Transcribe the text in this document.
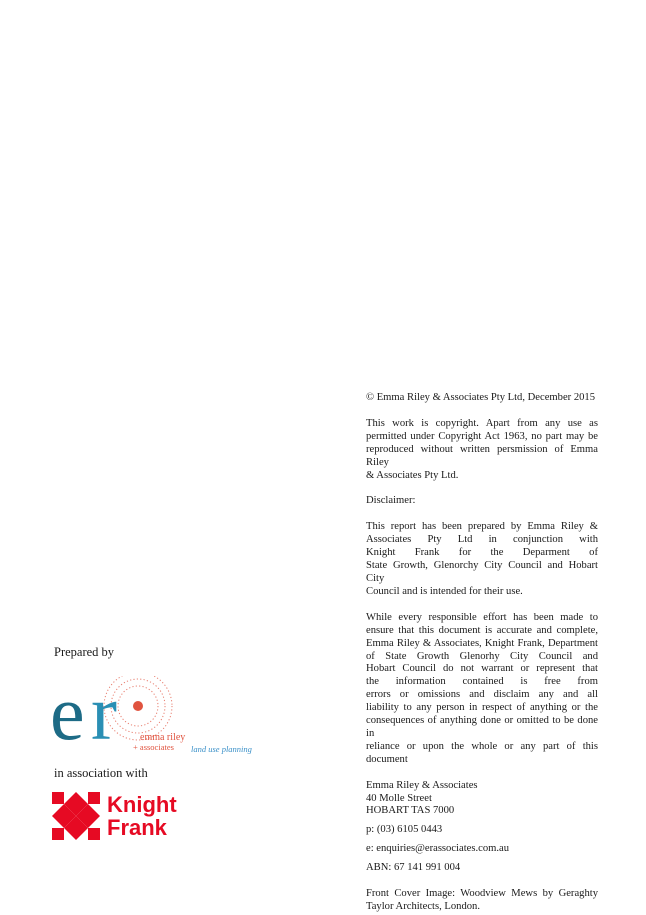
© Emma Riley & Associates Pty Ltd, December 2015

This work is copyright. Apart from any use as
permitted under Copyright Act 1963, no part may be
reproduced without written persmission of Emma Riley
& Associates Pty Ltd.

Disclaimer:

This report has been prepared by Emma Riley &
Associates Pty Ltd in conjunction with
Knight Frank for the Deparment of
State Growth, Glenorchy City Council and Hobart City
Council and is intended for their use.
While every responsible effort has been made to
ensure that this document is accurate and complete,
Emma Riley & Associates, Knight Frank, Department
of State Growth Glenorhy City Council and
Hobart Council do not warrant or represent that
the information contained is free from
errors or omissions and disclaim any and all
liability to any person in respect of anything or the
consequences of anything done or omitted to be done in
reliance or upon the whole or any part of this document
Emma Riley & Associates
40 Molle Street
HOBART TAS 7000

p: (03) 6105 0443

e: enquiries@erassociates.com.au

ABN: 67 141 991 004

Front Cover Image: Woodview Mews by Geraghty
Taylor Architects, London.
Prepared by
e r emma riley
+ associates land use planning
in association with
Knight
Frank
